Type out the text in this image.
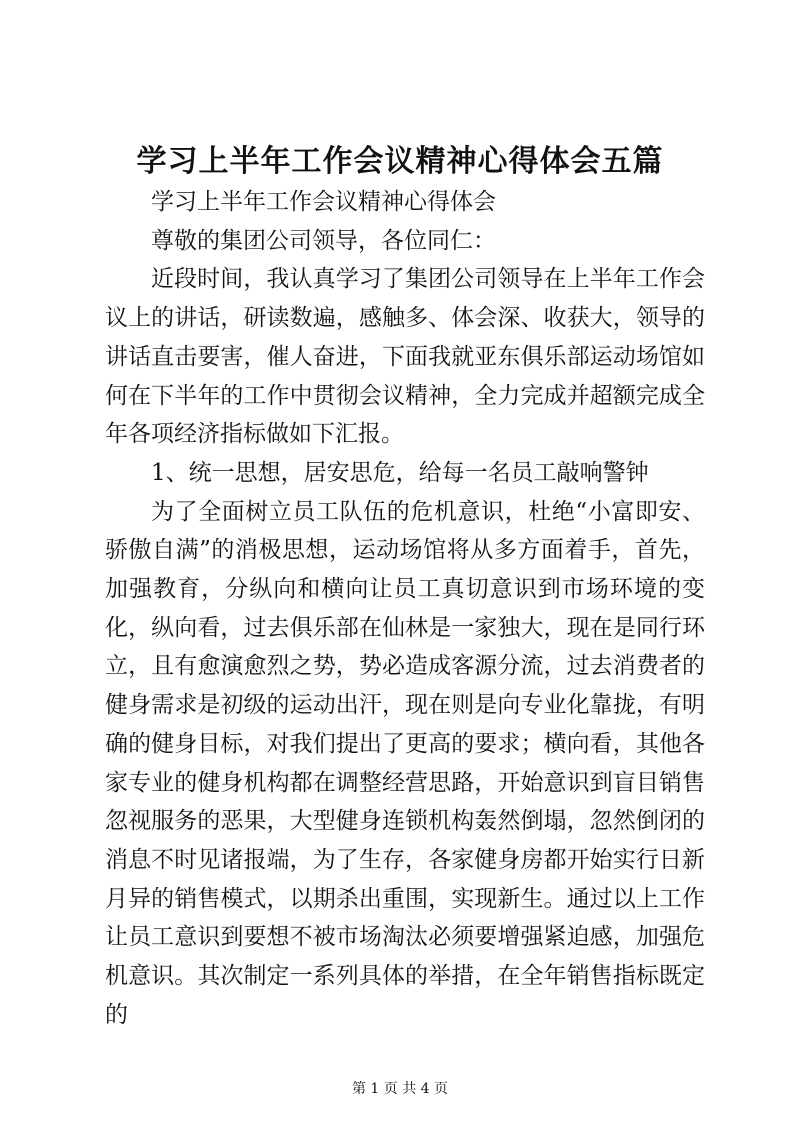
学习上半年工作会议精神心得体会五篇

学习上半年工作会议精神心得体会

尊敬的集团公司领导，各位同仁：

近段时间，我认真学习了集团公司领导在上半年工作会议上的讲话，研读数遍，感触多、体会深、收获大，领导的讲话直击要害，催人奋进，下面我就亚东俱乐部运动场馆如何在下半年的工作中贯彻会议精神，全力完成并超额完成全年各项经济指标做如下汇报。

1、统一思想，居安思危，给每一名员工敲响警钟

为了全面树立员工队伍的危机意识，杜绝“小富即安、骄傲自满”的消极思想，运动场馆将从多方面着手，首先，加强教育，分纵向和横向让员工真切意识到市场环境的变化，纵向看，过去俱乐部在仙林是一家独大，现在是同行环立，且有愈演愈烈之势，势必造成客源分流，过去消费者的健身需求是初级的运动出汗，现在则是向专业化靠拢，有明确的健身目标，对我们提出了更高的要求；横向看，其他各家专业的健身机构都在调整经营思路，开始意识到盲目销售忽视服务的恶果，大型健身连锁机构轰然倒塌，忽然倒闭的消息不时见诸报端，为了生存，各家健身房都开始实行日新月异的销售模式，以期杀出重围，实现新生。通过以上工作让员工意识到要想不被市场淘汰必须要增强紧迫感，加强危机意识。其次制定一系列具体的举措，在全年销售指标既定的

第 1 页 共 4 页
